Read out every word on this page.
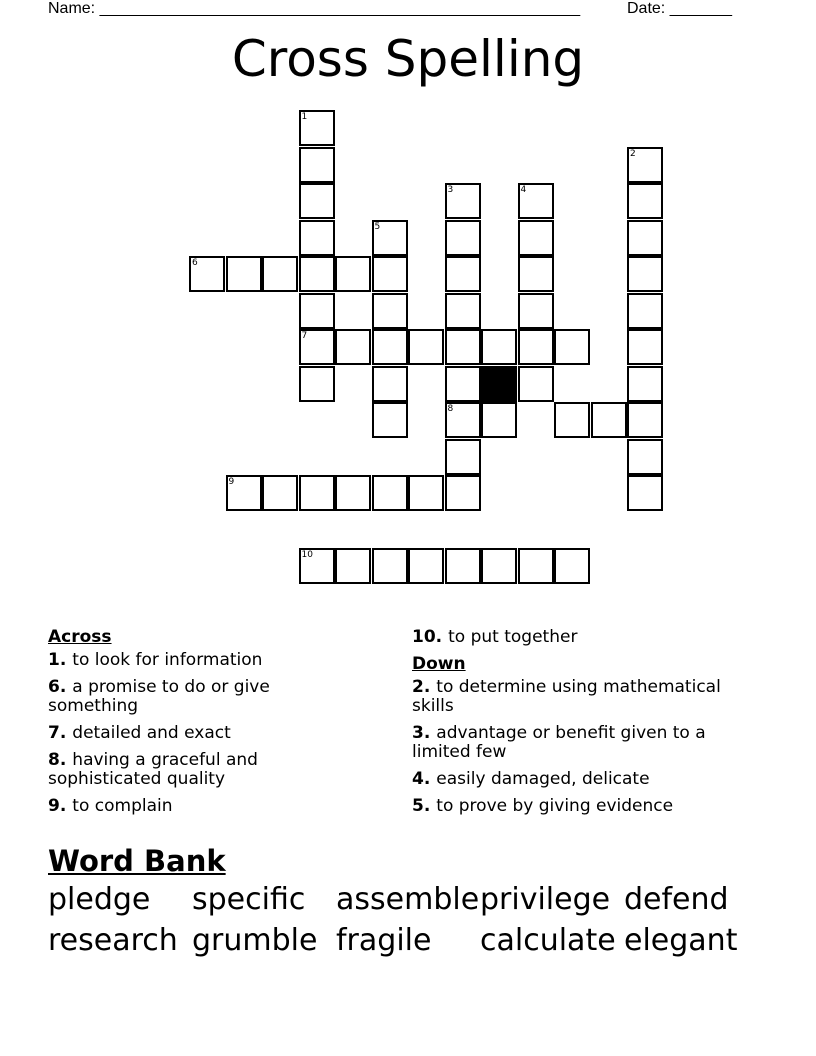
Name: ______________________________________________________	Date: _______
Cross Spelling
1
7
2
3
8
4
5
6
9
10
Across
1. to look for information
6. a promise to do or give something
7. detailed and exact
8. having a graceful and sophisticated quality
9. to complain
10. to put together
Down
2. to determine using mathematical skills
3. advantage or benefit given to a limited few
4. easily damaged, delicate
5. to prove by giving evidence
Word Bank
pledge	specific	assemble privilege defend
research grumble fragile	calculate elegant
